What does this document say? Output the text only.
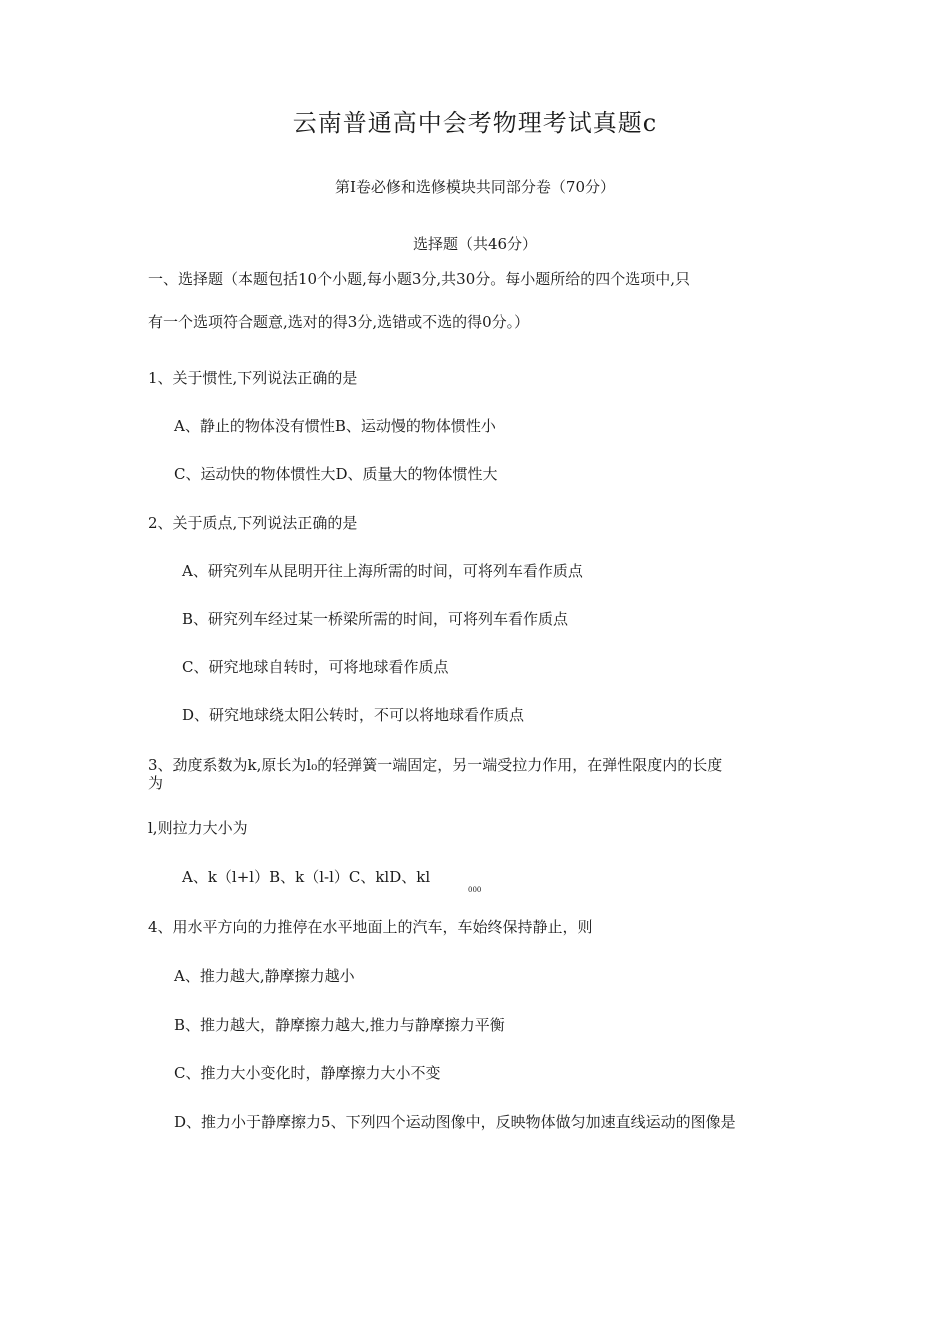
云南普通高中会考物理考试真题c
第I卷必修和选修模块共同部分卷（70分）
选择题（共46分）
一、选择题（本题包括10个小题,每小题3分,共30分。每小题所给的四个选项中,只
有一个选项符合题意,选对的得3分,选错或不选的得0分。）
1、关于惯性,下列说法正确的是
A、静止的物体没有惯性B、运动慢的物体惯性小
C、运动快的物体惯性大D、质量大的物体惯性大
2、关于质点,下列说法正确的是
A、研究列车从昆明开往上海所需的时间，可将列车看作质点
B、研究列车经过某一桥梁所需的时间，可将列车看作质点
C、研究地球自转时，可将地球看作质点
D、研究地球绕太阳公转时，不可以将地球看作质点
3、劲度系数为k,原长为l₀的轻弹簧一端固定，另一端受拉力作用，在弹性限度内的长度
为
l,则拉力大小为
A、k（l+l）B、k（l-l）C、klD、kl
000
4、用水平方向的力推停在水平地面上的汽车，车始终保持静止，则
A、推力越大,静摩擦力越小
B、推力越大，静摩擦力越大,推力与静摩擦力平衡
C、推力大小变化时，静摩擦力大小不变
D、推力小于静摩擦力5、下列四个运动图像中，反映物体做匀加速直线运动的图像是
